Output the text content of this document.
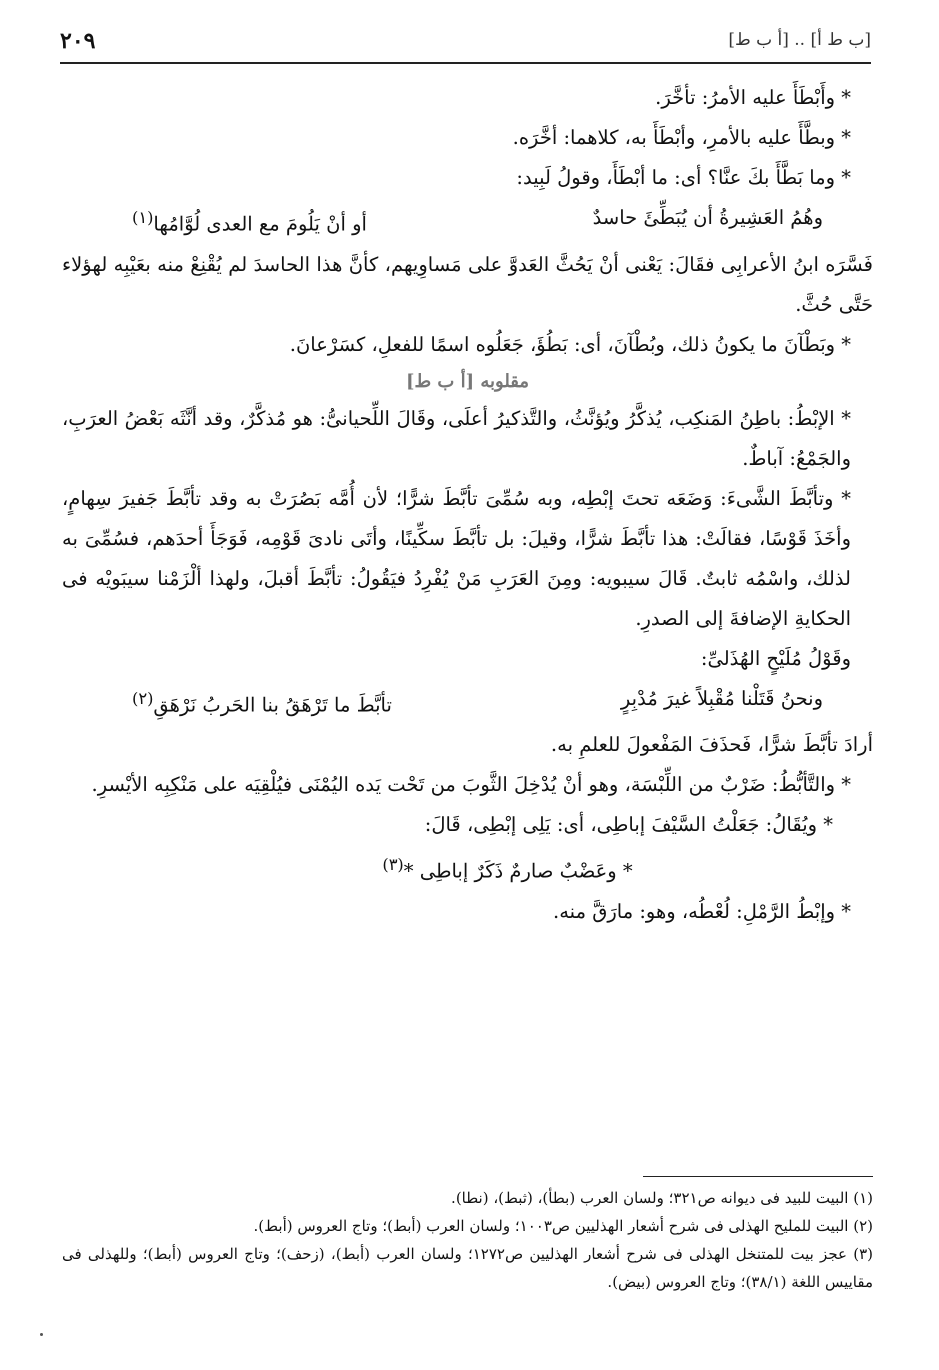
٢٠٩	[ب ط أ] .. [أ ب ط]

* وأَبْطَأَ عليه الأمرُ: تأخَّرَ.

* وبطَّأَ عليه بالأمرِ، وأبْطَأَ به، كلاهما: أخَّرَه.

* وما بَطَّأَ بكَ عنَّا؟ أى: ما أبْطَأَ، وقولُ لَبِيد:

وهُمُ العَشِيرةُ أن يُبَطِّئَ حاسدٌ
أو أنْ يَلُومَ مع العدى لُوَّامُها$^{(١)}$

فَسَّرَه ابنُ الأعرابِى فقَالَ: يَعْنى أنْ يَحُثَّ العَدوَّ على مَساوِيهم، كأنَّ هذا الحاسدَ لم يُقْنِعْ منه بعَيْبِه لهؤلاء حَتَّى حُثَّ.

* وبَطْآنَ ما يكونُ ذلك، وبُطْآنَ، أى: بَطُؤَ، جَعَلُوه اسمًا للفعلِ، كسَرْعانَ.

مقلوبه [أ ب ط]

* الإبْطُ: باطِنُ المَنكِب، يُذكَّرُ ويُؤنَّثُ، والتَّذكيرُ أعلَى، وقَالَ اللِّحيانىُّ: هو مُذكَّرٌ، وقد أنَّثَه بَعْضُ العرَبِ، والجَمْعُ: آباطٌ.

* وتأبَّطَ الشَّىءَ: وَضَعَه تحتَ إبْطِه، وبه سُمِّىَ تأبَّطَ شرًّا؛ لأن أُمَّه بَصُرَتْ به وقد تأبَّطَ جَفيرَ سِهامٍ، وأخَذَ قَوْسًا، فقالَتْ: هذا تأبَّطَ شرًّا، وقيلَ: بل تأبَّطَ سكِّينًا، وأتَى نادىَ قَوْمِه، فَوَجَأَ أحدَهم، فسُمِّىَ به لذلك، واسْمُه ثابتٌ. قَالَ سيبويه: ومِنَ العَرَبِ مَنْ يُفْرِدُ فيَقُولُ: تأبَّطَ أقبلَ، ولهذا ألْزَمْنا سيبَويْه فى الحكايةِ الإضافةَ إلى الصدرِ.

وقَوْلُ مُلَيْحٍ الهُذَلىِّ:

ونحنُ قَتَلْنا مُقْبِلاً غيرَ مُدْبِرٍ
تأبَّطَ ما تَرْهَقُ بنا الحَربُ نَرْهَقِ$^{(٢)}$

أرادَ تأبَّطَ شرًّا، فَحذَفَ المَفْعولَ للعلمِ به.

* والتَّأبُّطُ: ضَرْبٌ من اللِّبْسَة، وهو أنْ يُدْخِلَ الثَّوبَ من تَحْت يَده اليُمْنَى فيُلْقِيَه على مَنْكِبِه الأيْسرِ.

* ويُقَالُ: جَعَلْتُ السَّيْفَ إباطِى، أى: يَلِى إبْطِى، قَالَ:

* وعَضْبٌ صارمٌ ذَكَرٌ إباطِى *$^{(٣)}$

* وإبْطُ الرَّمْلِ: لُعْطُه، وهو: مارَقَّ منه.

(١) البيت للبيد فى ديوانه ص٣٢١؛ ولسان العرب (بطأ)، (ثبط)، (نطا).

(٢) البيت للمليح الهذلى فى شرح أشعار الهذليين ص١٠٠٣؛ ولسان العرب (أبط)؛ وتاج العروس (أبط).

(٣) عجز بيت للمتنخل الهذلى فى شرح أشعار الهذليين ص١٢٧٢؛ ولسان العرب (أبط)، (زحف)؛ وتاج العروس (أبط)؛ وللهذلى فى مقاييس اللغة (٣٨/١)؛ وتاج العروس (بيض).
